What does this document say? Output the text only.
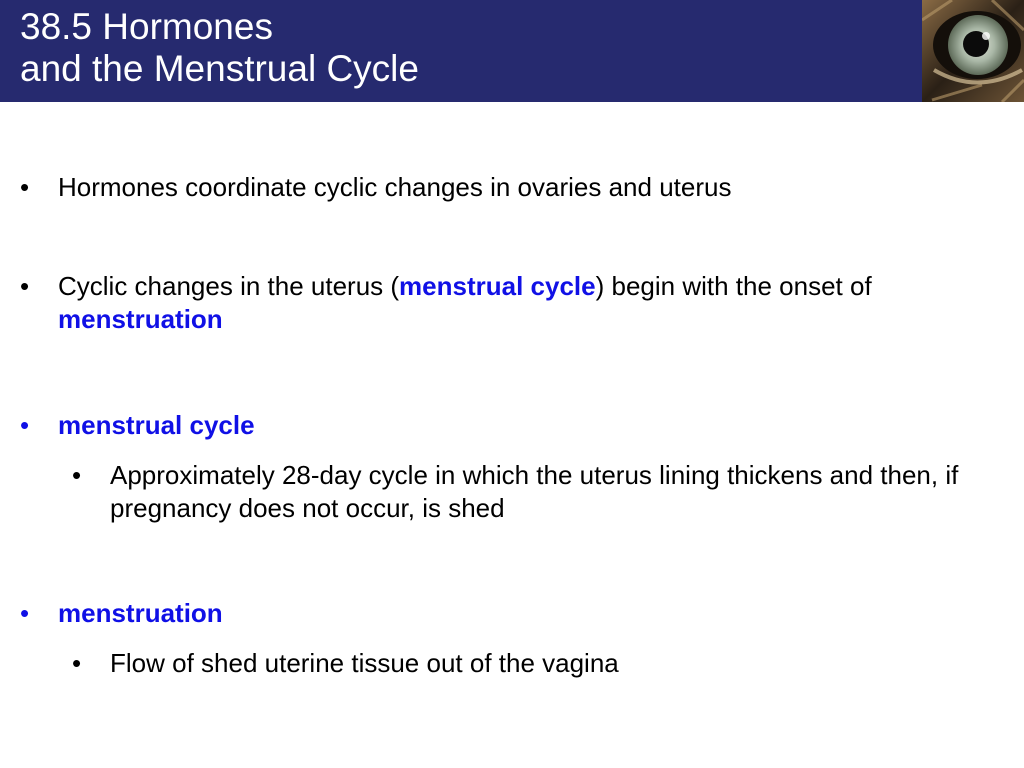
38.5 Hormones
and the Menstrual Cycle
• Hormones coordinate cyclic changes in ovaries and uterus
• Cyclic changes in the uterus (menstrual cycle) begin with the onset of menstruation
• menstrual cycle
• Approximately 28-day cycle in which the uterus lining thickens and then, if pregnancy does not occur, is shed
• menstruation
• Flow of shed uterine tissue out of the vagina
